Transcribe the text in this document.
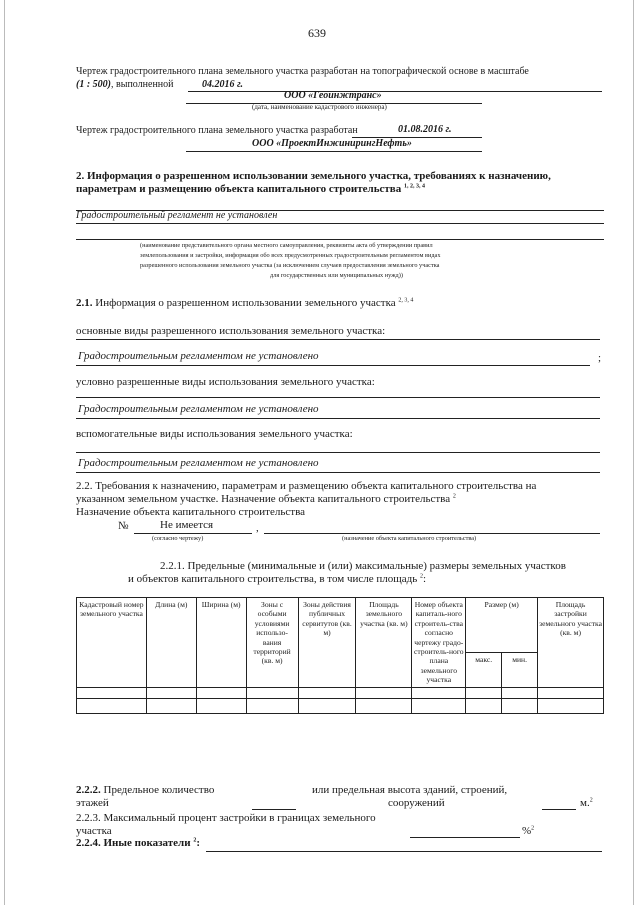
639
Чертеж градостроительного плана земельного участка разработан на топографической основе в масштабе
(1 : 500), выполненной	04.2016 г.
ООО «Геоинжтранс»
(дата, наименование кадастрового инженера)
Чертеж градостроительного плана земельного участка разработан	01.08.2016 г.
ООО «ПроектИнжинирингНефть»
2. Информация о разрешенном использовании земельного участка, требованиях к назначению,
параметрам и размещению объекта капитального строительства $^{1, 2, 3, 4}$
Градостроительный регламент не установлен
(наименование представительного органа местного самоуправления, реквизиты акта об утверждении правил
землепользования и застройки, информация обо всех предусмотренных градостроительным регламентом видах
разрешенного использования земельного участка (за исключением случаев предоставления земельного участка
для государственных или муниципальных нужд))
2.1. Информация о разрешенном использовании земельного участка $^{2, 3, 4}$
основные виды разрешенного использования земельного участка:
Градостроительным регламентом не установлено	;
условно разрешенные виды использования земельного участка:
Градостроительным регламентом не установлено
вспомогательные виды использования земельного участка:
Градостроительным регламентом не установлено
2.2. Требования к назначению, параметрам и размещению объекта капитального строительства на
указанном земельном участке. Назначение объекта капитального строительства $^2$
Назначение объекта капитального строительства
№	Не имеется	,
(согласно чертежу)	(назначение объекта капитального строительства)
2.2.1. Предельные (минимальные и (или) максимальные) размеры земельных участков
и объектов капитального строительства, в том числе площадь $^2$:
Кадастровый номер земельного участка	Длина (м)	Ширина (м)	Зоны с особыми условиями использо-вания территорий (кв. м)	Зоны действия публичных сервитутов (кв. м)	Площадь земельного участка (кв. м)	Номер объекта капиталь-ного строитель-ства согласно чертежу градо-строитель-ного плана земельного участка	Размер (м)		Площадь застройки земельного участка (кв. м)
							макс.	мин.	

2.2.2. Предельное количество	или предельная высота зданий, строений,
этажей	сооружений	м.$^2$
2.2.3. Максимальный процент застройки в границах земельного
участка	%$^2$
2.2.4. Иные показатели $^2$:
